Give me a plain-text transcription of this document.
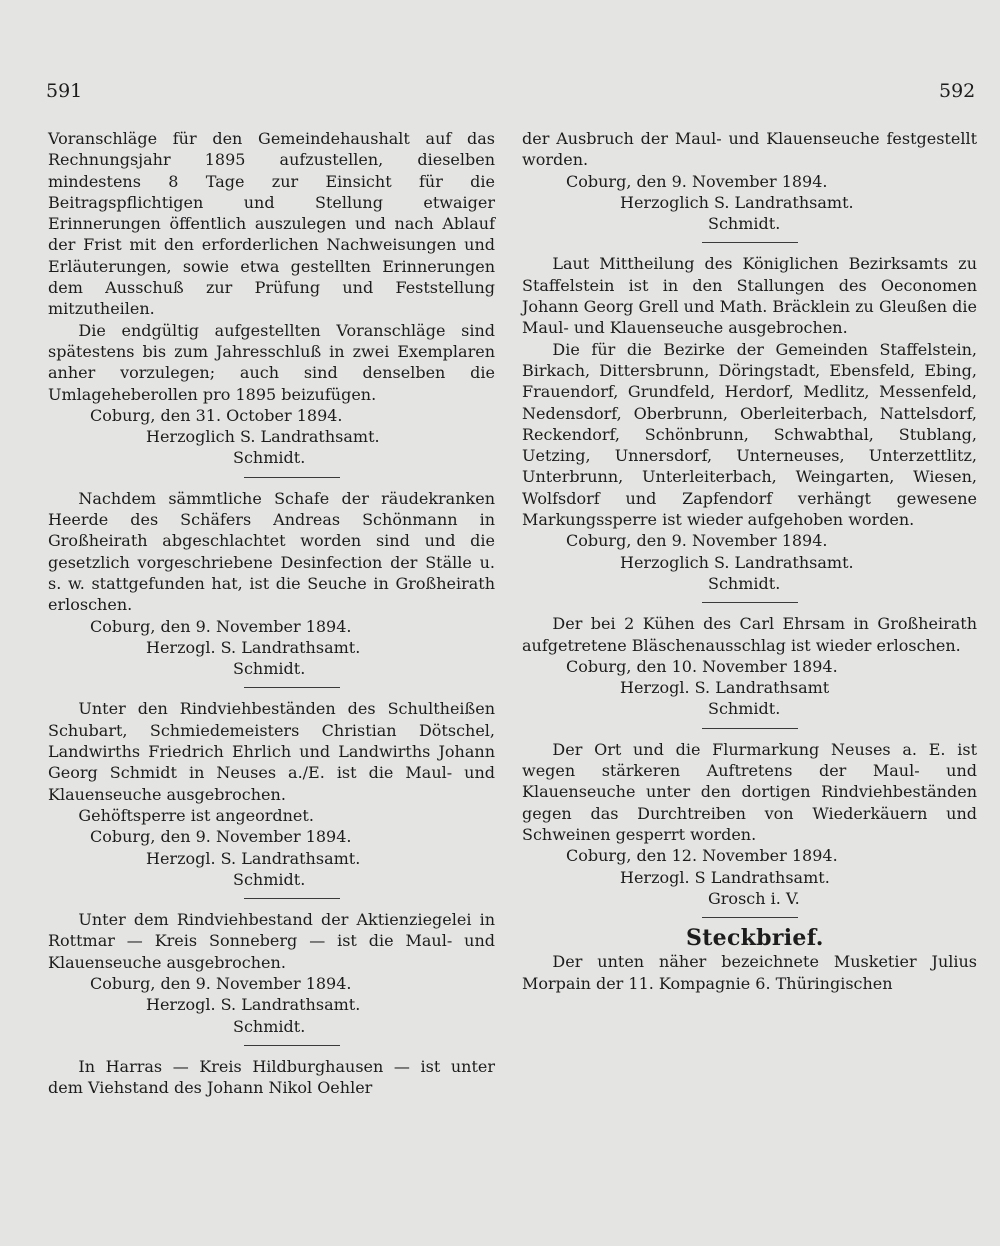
591	592
Voranschläge für den Gemeindehaushalt auf das Rechnungsjahr 1895 aufzustellen, dieselben mindestens 8 Tage zur Einsicht für die Beitragspflichtigen und Stellung etwaiger Erinnerungen öffentlich auszulegen und nach Ablauf der Frist mit den erforderlichen Nachweisungen und Erläuterungen, sowie etwa gestellten Erinnerungen dem Ausschuß zur Prüfung und Feststellung mitzutheilen.
Die endgültig aufgestellten Voranschläge sind spätestens bis zum Jahresschluß in zwei Exemplaren anher vorzulegen; auch sind denselben die Umlageheberollen pro 1895 beizufügen.
Coburg, den 31. October 1894.
Herzoglich S. Landrathsamt.
Schmidt.
Nachdem sämmtliche Schafe der räudekranken Heerde des Schäfers Andreas Schönmann in Großheirath abgeschlachtet worden sind und die gesetzlich vorgeschriebene Desinfection der Ställe u. s. w. stattgefunden hat, ist die Seuche in Großheirath erloschen.
Coburg, den 9. November 1894.
Herzogl. S. Landrathsamt.
Schmidt.
Unter den Rindviehbeständen des Schultheißen Schubart, Schmiedemeisters Christian Dötschel, Landwirths Friedrich Ehrlich und Landwirths Johann Georg Schmidt in Neuses a./E. ist die Maul- und Klauenseuche ausgebrochen.
Gehöftsperre ist angeordnet.
Coburg, den 9. November 1894.
Herzogl. S. Landrathsamt.
Schmidt.
Unter dem Rindviehbestand der Aktienziegelei in Rottmar — Kreis Sonneberg — ist die Maul- und Klauenseuche ausgebrochen.
Coburg, den 9. November 1894.
Herzogl. S. Landrathsamt.
Schmidt.
In Harras — Kreis Hildburghausen — ist unter dem Viehstand des Johann Nikol Oehler
der Ausbruch der Maul- und Klauenseuche festgestellt worden.
Coburg, den 9. November 1894.
Herzoglich S. Landrathsamt.
Schmidt.
Laut Mittheilung des Königlichen Bezirksamts zu Staffelstein ist in den Stallungen des Oeconomen Johann Georg Grell und Math. Bräcklein zu Gleußen die Maul- und Klauenseuche ausgebrochen.
Die für die Bezirke der Gemeinden Staffelstein, Birkach, Dittersbrunn, Döringstadt, Ebensfeld, Ebing, Frauendorf, Grundfeld, Herdorf, Medlitz, Messenfeld, Nedensdorf, Oberbrunn, Oberleiterbach, Nattelsdorf, Reckendorf, Schönbrunn, Schwabthal, Stublang, Uetzing, Unnersdorf, Unterneuses, Unterzettlitz, Unterbrunn, Unterleiterbach, Weingarten, Wiesen, Wolfsdorf und Zapfendorf verhängt gewesene Markungssperre ist wieder aufgehoben worden.
Coburg, den 9. November 1894.
Herzoglich S. Landrathsamt.
Schmidt.
Der bei 2 Kühen des Carl Ehrsam in Großheirath aufgetretene Bläschenausschlag ist wieder erloschen.
Coburg, den 10. November 1894.
Herzogl. S. Landrathsamt
Schmidt.
Der Ort und die Flurmarkung Neuses a. E. ist wegen stärkeren Auftretens der Maul- und Klauenseuche unter den dortigen Rindviehbeständen gegen das Durchtreiben von Wiederkäuern und Schweinen gesperrt worden.
Coburg, den 12. November 1894.
Herzogl. S Landrathsamt.
Grosch i. V.
Steckbrief.
Der unten näher bezeichnete Musketier Julius Morpain der 11. Kompagnie 6. Thüringischen
